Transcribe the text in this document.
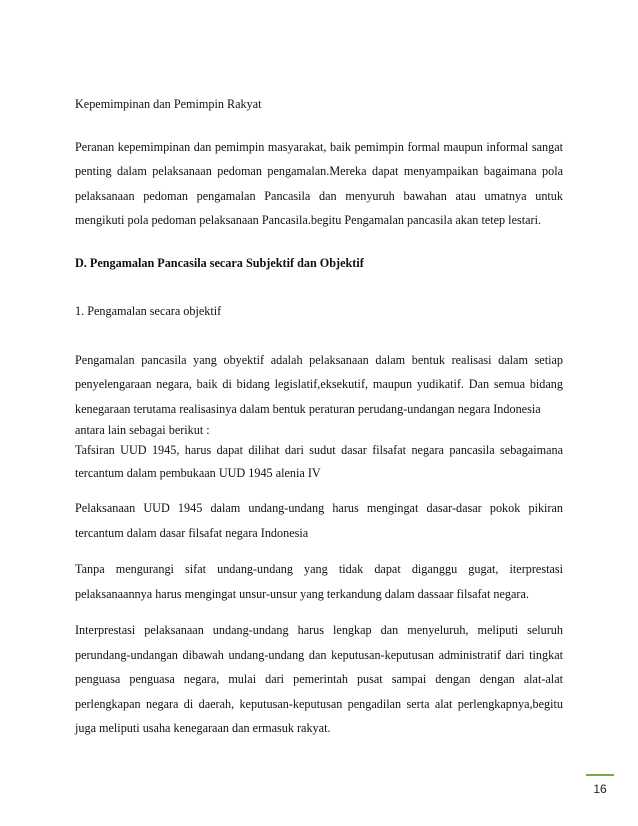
Kepemimpinan dan Pemimpin Rakyat

Peranan kepemimpinan dan pemimpin masyarakat, baik pemimpin formal maupun informal sangat penting dalam pelaksanaan pedoman pengamalan.Mereka dapat menyampaikan bagaimana pola pelaksanaan pedoman pengamalan Pancasila dan menyuruh bawahan atau umatnya untuk mengikuti pola pedoman pelaksanaan Pancasila.begitu Pengamalan pancasila akan tetep lestari.

D. Pengamalan Pancasila secara Subjektif dan Objektif

1. Pengamalan secara objektif

Pengamalan pancasila yang obyektif adalah pelaksanaan dalam bentuk realisasi dalam setiap penyelengaraan negara, baik di bidang legislatif,eksekutif, maupun yudikatif. Dan semua bidang kenegaraan terutama realisasinya dalam bentuk peraturan perudang-undangan negara Indonesia

antara lain sebagai berikut :

Tafsiran UUD 1945, harus dapat dilihat dari sudut dasar filsafat negara pancasila sebagaimana tercantum dalam pembukaan UUD 1945 alenia IV

Pelaksanaan UUD 1945 dalam undang-undang harus mengingat dasar-dasar pokok pikiran tercantum dalam dasar filsafat negara Indonesia

Tanpa mengurangi sifat undang-undang yang tidak dapat diganggu gugat, iterprestasi pelaksanaannya harus mengingat unsur-unsur yang terkandung dalam dassaar filsafat negara.

Interprestasi pelaksanaan undang-undang harus lengkap dan menyeluruh, meliputi seluruh perundang-undangan dibawah undang-undang dan keputusan-keputusan administratif dari tingkat penguasa penguasa negara, mulai dari pemerintah pusat sampai dengan dengan alat-alat perlengkapan negara di daerah, keputusan-keputusan pengadilan serta alat perlengkapnya,begitu juga meliputi usaha kenegaraan dan ermasuk rakyat.

16
